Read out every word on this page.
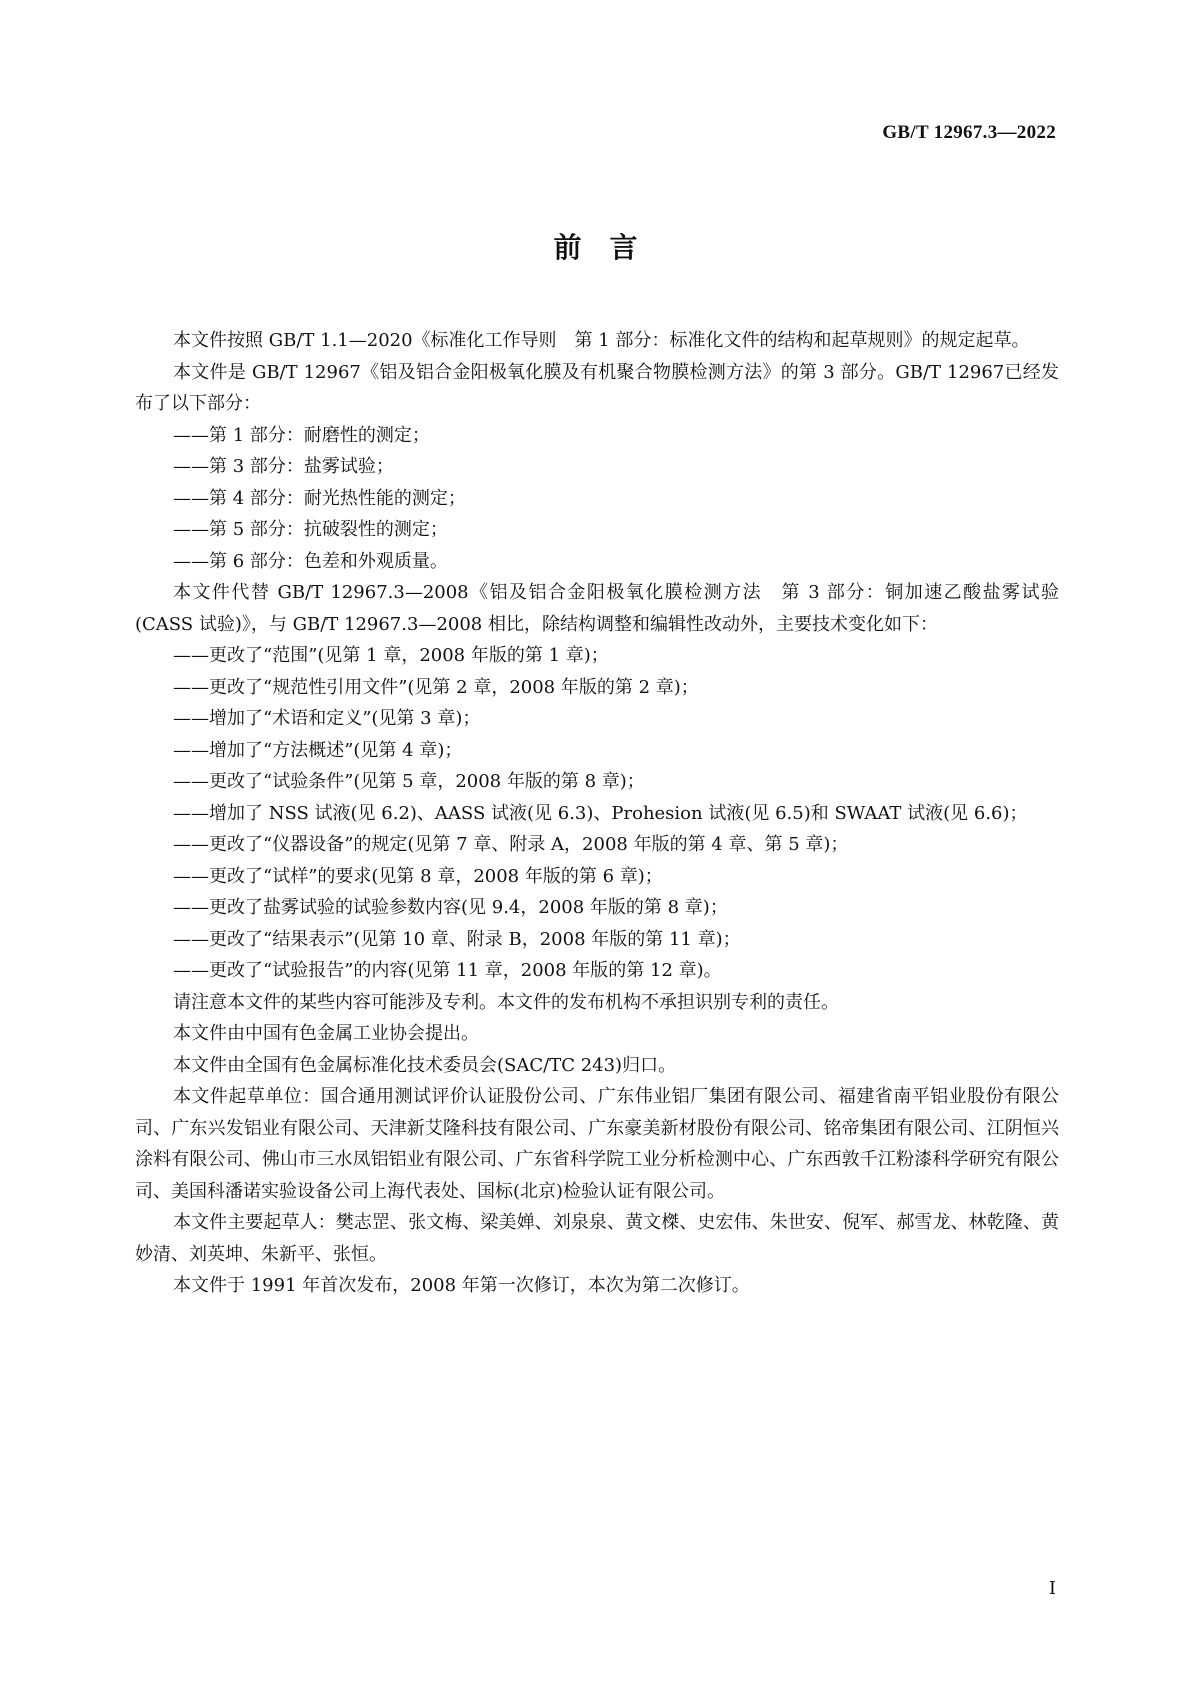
GB/T 12967.3—2022
前言

本文件按照 GB/T 1.1—2020《标准化工作导则　第 1 部分：标准化文件的结构和起草规则》的规定起草。

本文件是 GB/T 12967《铝及铝合金阳极氧化膜及有机聚合物膜检测方法》的第 3 部分。GB/T 12967已经发布了以下部分：

——第 1 部分：耐磨性的测定；

——第 3 部分：盐雾试验；

——第 4 部分：耐光热性能的测定；

——第 5 部分：抗破裂性的测定；

——第 6 部分：色差和外观质量。

本文件代替 GB/T 12967.3—2008《铝及铝合金阳极氧化膜检测方法　第 3 部分：铜加速乙酸盐雾试验(CASS 试验)》，与 GB/T 12967.3—2008 相比，除结构调整和编辑性改动外，主要技术变化如下：

——更改了“范围”(见第 1 章，2008 年版的第 1 章)；

——更改了“规范性引用文件”(见第 2 章，2008 年版的第 2 章)；

——增加了“术语和定义”(见第 3 章)；

——增加了“方法概述”(见第 4 章)；

——更改了“试验条件”(见第 5 章，2008 年版的第 8 章)；

——增加了 NSS 试液(见 6.2)、AASS 试液(见 6.3)、Prohesion 试液(见 6.5)和 SWAAT 试液(见 6.6)；

——更改了“仪器设备”的规定(见第 7 章、附录 A，2008 年版的第 4 章、第 5 章)；

——更改了“试样”的要求(见第 8 章，2008 年版的第 6 章)；

——更改了盐雾试验的试验参数内容(见 9.4，2008 年版的第 8 章)；

——更改了“结果表示”(见第 10 章、附录 B，2008 年版的第 11 章)；

——更改了“试验报告”的内容(见第 11 章，2008 年版的第 12 章)。

请注意本文件的某些内容可能涉及专利。本文件的发布机构不承担识别专利的责任。

本文件由中国有色金属工业协会提出。

本文件由全国有色金属标准化技术委员会(SAC/TC 243)归口。

本文件起草单位：国合通用测试评价认证股份公司、广东伟业铝厂集团有限公司、福建省南平铝业股份有限公司、广东兴发铝业有限公司、天津新艾隆科技有限公司、广东豪美新材股份有限公司、铭帝集团有限公司、江阴恒兴涂料有限公司、佛山市三水凤铝铝业有限公司、广东省科学院工业分析检测中心、广东西敦千江粉漆科学研究有限公司、美国科潘诺实验设备公司上海代表处、国标(北京)检验认证有限公司。

本文件主要起草人：樊志罡、张文梅、梁美婵、刘泉泉、黄文榤、史宏伟、朱世安、倪军、郝雪龙、林乾隆、黄妙清、刘英坤、朱新平、张恒。

本文件于 1991 年首次发布，2008 年第一次修订，本次为第二次修订。

I
